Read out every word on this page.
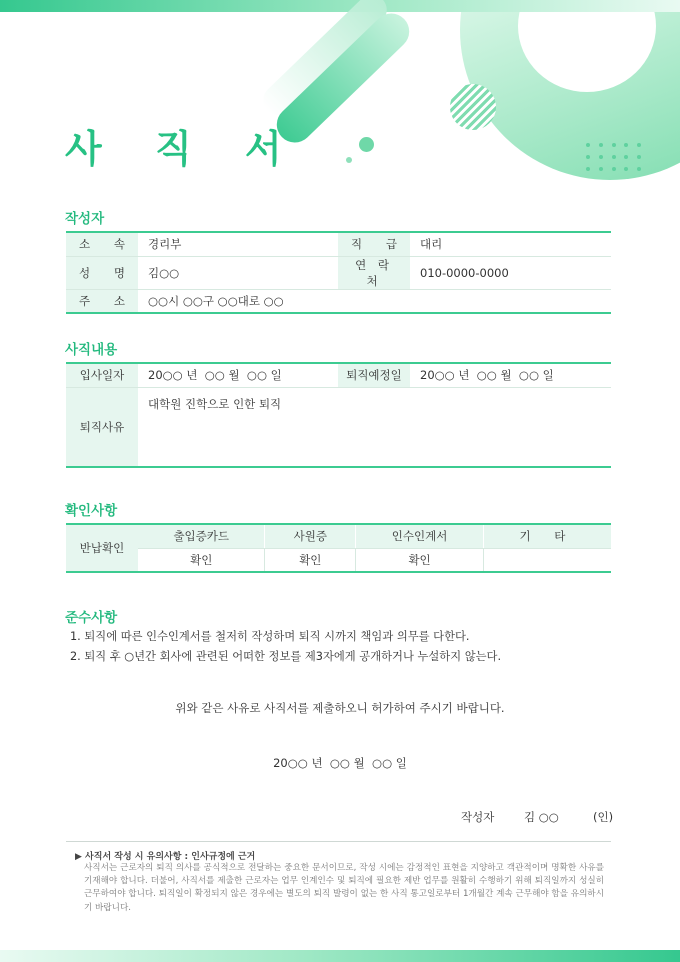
사 직 서
작성자
소 속	경리부	직 급	대리

성 명	김○○	연 락 처	010-0000-0000

주 소	○○시 ○○구 ○○대로 ○○		
사직내용
입사일자	20○○ 년  ○○ 월  ○○ 일	퇴직예정일	20○○ 년  ○○ 월  ○○ 일
퇴직사유	대학원 진학으로 인한 퇴직		
확인사항
반납확인	출입증카드	사원증	인수인계서	기 타
	확인	확인	확인	
준수사항
1. 퇴직에 따른 인수인계서를 철저히 작성하며 퇴직 시까지 책임과 의무를 다한다.
2. 퇴직 후 ○년간 회사에 관련된 어떠한 정보를 제3자에게 공개하거나 누설하지 않는다.
위와 같은 사유로 사직서를 제출하오니 허가하여 주시기 바랍니다.
20○○ 년  ○○ 월  ○○ 일
작성자	김 ○○	(인)
▶ 사직서 작성 시 유의사항 : 인사규정에 근거
사직서는 근로자의 퇴직 의사를 공식적으로 전달하는 중요한 문서이므로, 작성 시에는 감정적인 표현을 지양하고 객관적이며 명확한 사유를 기재해야 합니다. 더불어, 사직서를 제출한 근로자는 업무 인계인수 및 퇴직에 필요한 제반 업무를 원활히 수행하기 위해 퇴직일까지 성실히 근무하여야 합니다. 퇴직일이 확정되지 않은 경우에는 별도의 퇴직 발령이 없는 한 사직 통고일로부터 1개월간 계속 근무해야 함을 유의하시기 바랍니다.
